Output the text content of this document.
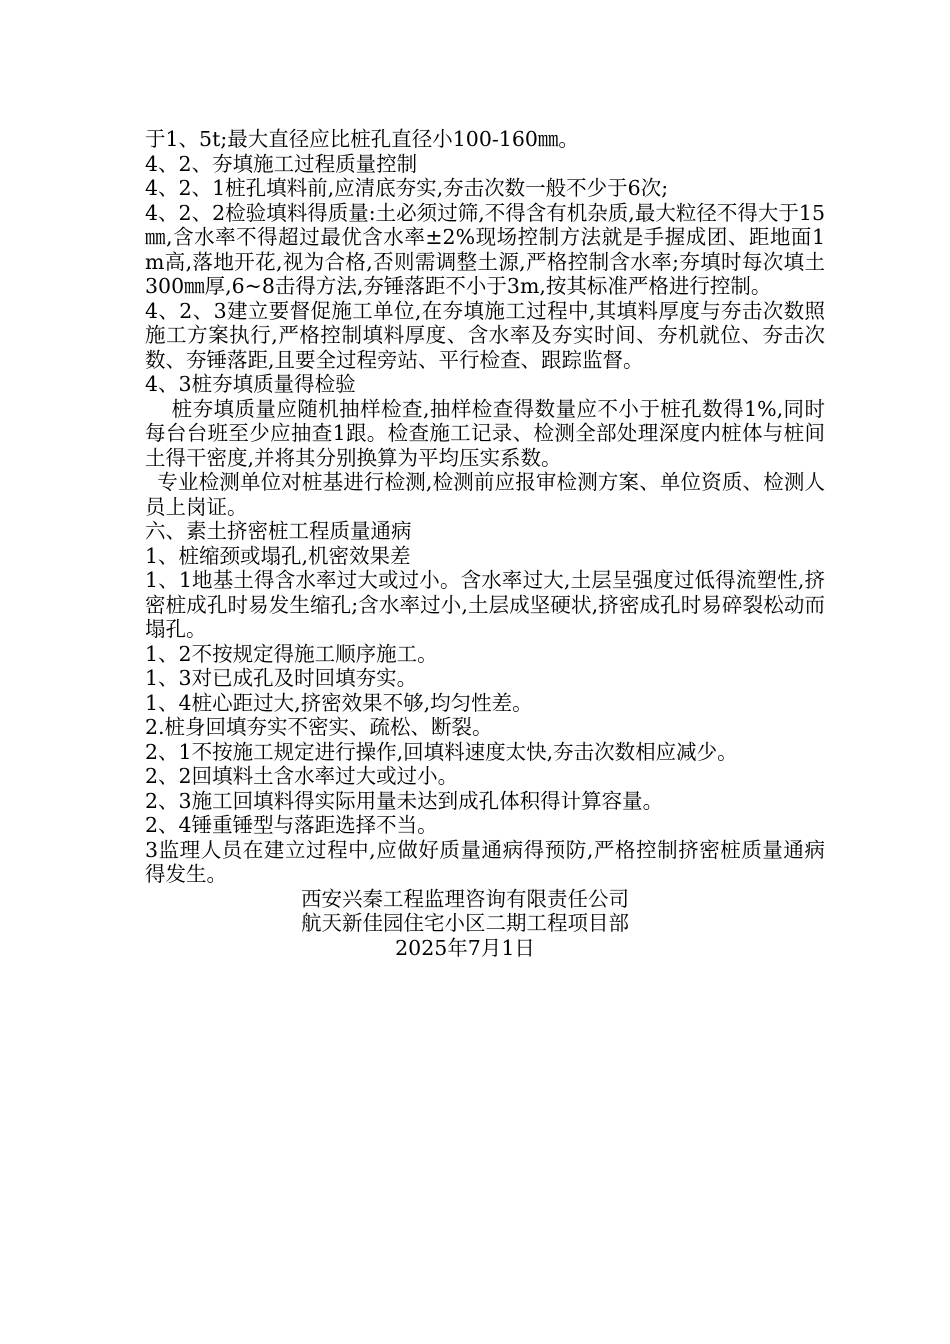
于1、5t;最大直径应比桩孔直径小100-160㎜。

4、2、夯填施工过程质量控制

4、2、1桩孔填料前,应清底夯实,夯击次数一般不少于6次;

4、2、2检验填料得质量:土必须过筛,不得含有机杂质,最大粒径不得大于15㎜,含水率不得超过最优含水率±2%现场控制方法就是手握成团、距地面1m高,落地开花,视为合格,否则需调整土源,严格控制含水率;夯填时每次填土300㎜厚,6~8击得方法,夯锤落距不小于3m,按其标准严格进行控制。

4、2、3建立要督促施工单位,在夯填施工过程中,其填料厚度与夯击次数照施工方案执行,严格控制填料厚度、含水率及夯实时间、夯机就位、夯击次数、夯锤落距,且要全过程旁站、平行检查、跟踪监督。

4、3桩夯填质量得检验

桩夯填质量应随机抽样检查,抽样检查得数量应不小于桩孔数得1%,同时每台台班至少应抽查1跟。检查施工记录、检测全部处理深度内桩体与桩间土得干密度,并将其分别换算为平均压实系数。

专业检测单位对桩基进行检测,检测前应报审检测方案、单位资质、检测人员上岗证。

六、素土挤密桩工程质量通病

1、桩缩颈或塌孔,机密效果差

1、1地基土得含水率过大或过小。含水率过大,土层呈强度过低得流塑性,挤密桩成孔时易发生缩孔;含水率过小,土层成坚硬状,挤密成孔时易碎裂松动而塌孔。

1、2不按规定得施工顺序施工。

1、3对已成孔及时回填夯实。

1、4桩心距过大,挤密效果不够,均匀性差。

2.桩身回填夯实不密实、疏松、断裂。

2、1不按施工规定进行操作,回填料速度太快,夯击次数相应减少。

2、2回填料土含水率过大或过小。

2、3施工回填料得实际用量未达到成孔体积得计算容量。

2、4锤重锤型与落距选择不当。

3监理人员在建立过程中,应做好质量通病得预防,严格控制挤密桩质量通病得发生。

西安兴秦工程监理咨询有限责任公司

航天新佳园住宅小区二期工程项目部

2025年7月1日
